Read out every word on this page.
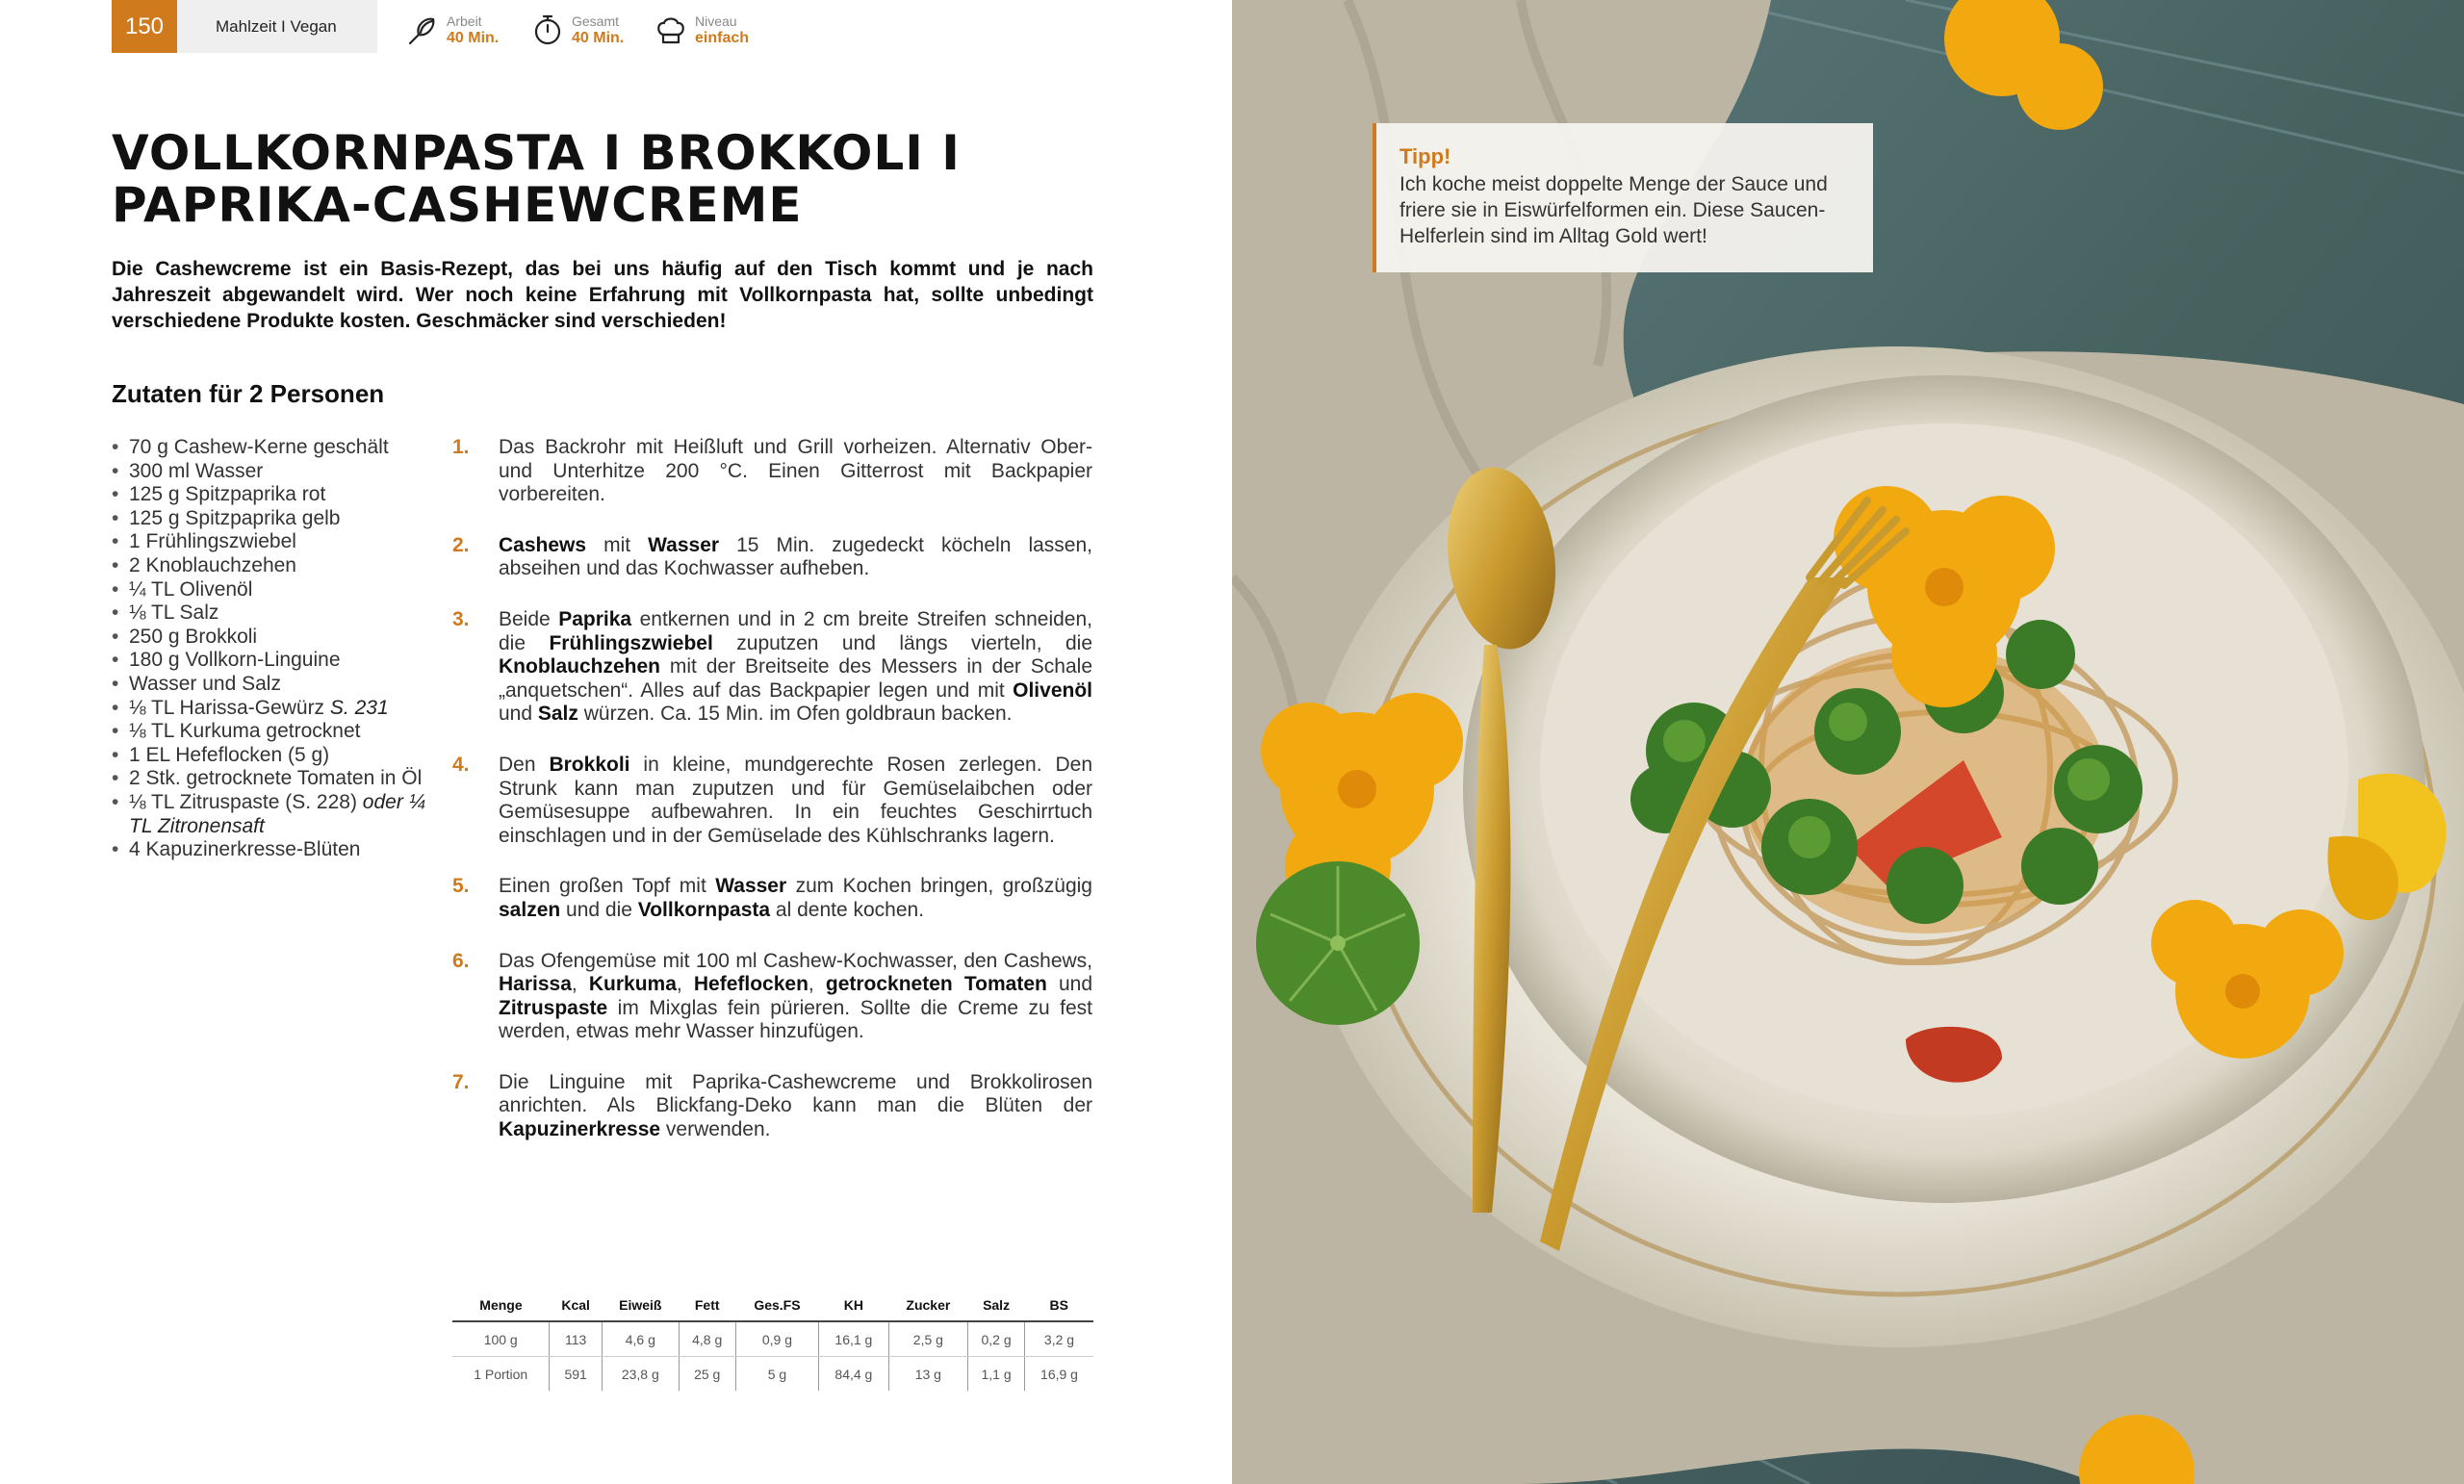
150	Mahlzeit I Vegan	Arbeit
40 Min.
Gesamt
40 Min.
Niveau
einfach
VOLLKORNPASTA I BROKKOLI I
PAPRIKA-CASHEWCREME
Die Cashewcreme ist ein Basis-Rezept, das bei uns häufig auf den Tisch kommt und je nach Jahreszeit abgewandelt wird. Wer noch keine Erfahrung mit Vollkornpasta hat, sollte unbedingt verschiedene Produkte kosten. Geschmäcker sind verschieden!
Zutaten für 2 Personen
• 70 g Cashew-Kerne geschält
• 300 ml Wasser
• 125 g Spitzpaprika rot
• 125 g Spitzpaprika gelb
• 1 Frühlingszwiebel
• 2 Knoblauchzehen
• ¼ TL Olivenöl
• ⅛ TL Salz
• 250 g Brokkoli
• 180 g Vollkorn-Linguine
• Wasser und Salz
• ⅛ TL Harissa-Gewürz S. 231
• ⅛ TL Kurkuma getrocknet
• 1 EL Hefeflocken (5 g)
• 2 Stk. getrocknete Tomaten in Öl
• ⅛ TL Zitruspaste (S. 228) oder ¼ TL Zitronensaft
• 4 Kapuzinerkresse-Blüten
1. Das Backrohr mit Heißluft und Grill vorheizen. Alternativ Ober- und Unterhitze 200 °C. Einen Gitterrost mit Backpapier vorbereiten.
2. Cashews mit Wasser 15 Min. zugedeckt köcheln lassen, abseihen und das Kochwasser aufheben.
3. Beide Paprika entkernen und in 2 cm breite Streifen schneiden, die Frühlingszwiebel zuputzen und längs vierteln, die Knoblauchzehen mit der Breitseite des Messers in der Schale „anquetschen“. Alles auf das Backpapier legen und mit Olivenöl und Salz würzen. Ca. 15 Min. im Ofen goldbraun backen.
4. Den Brokkoli in kleine, mundgerechte Rosen zerlegen. Den Strunk kann man zuputzen und für Gemüselaibchen oder Gemüsesuppe aufbewahren. In ein feuchtes Geschirrtuch einschlagen und in der Gemüselade des Kühlschranks lagern.
5. Einen großen Topf mit Wasser zum Kochen bringen, großzügig salzen und die Vollkornpasta al dente kochen.
6. Das Ofengemüse mit 100 ml Cashew-Kochwasser, den Cashews, Harissa, Kurkuma, Hefeflocken, getrockneten Tomaten und Zitruspaste im Mixglas fein pürieren. Sollte die Creme zu fest werden, etwas mehr Wasser hinzufügen.
7. Die Linguine mit Paprika-Cashewcreme und Brokkolirosen anrichten. Als Blickfang-Deko kann man die Blüten der Kapuzinerkresse verwenden.
Menge	Kcal	Eiweiß	Fett	Ges.FS	KH	Zucker	Salz	BS
100 g	113	4,6 g	4,8 g	0,9 g	16,1 g	2,5 g	0,2 g	3,2 g
1 Portion	591	23,8 g	25 g	5 g	84,4 g	13 g	1,1 g	16,9 g
Tipp!
Ich koche meist doppelte Menge der Sauce und friere sie in Eiswürfelformen ein. Diese Saucen-Helferlein sind im Alltag Gold wert!
